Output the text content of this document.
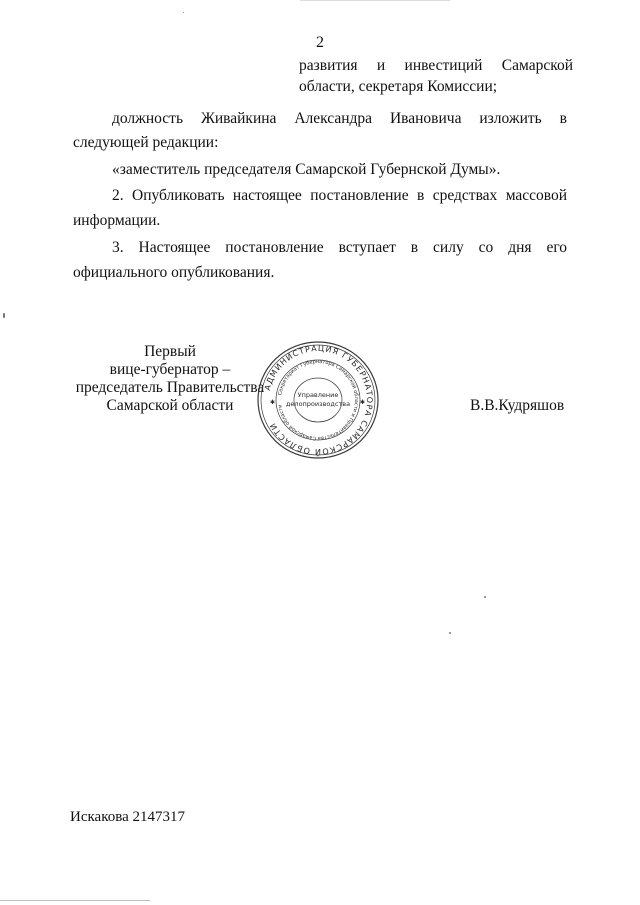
2
развития и инвестиций Самарской
области, секретаря Комиссии;
должность Живайкина Александра Ивановича изложить в
следующей редакции:
«заместитель председателя Самарской Губернской Думы».
2. Опубликовать настоящее постановление в средствах массовой
информации.
3. Настоящее постановление вступает в силу со дня его
официального опубликования.
Первый
вице-губернатор –
председатель Правительства
Самарской области
АДМИНИСТРАЦИЯ ГУБЕРНАТОРА САМАРСКОЙ ОБЛАСТИ
Секретариат Губернатора Самарской области и Правительства Самарской области
Управление
делопроизводства
✱	✱	В.В.Кудряшов
Искакова 2147317
